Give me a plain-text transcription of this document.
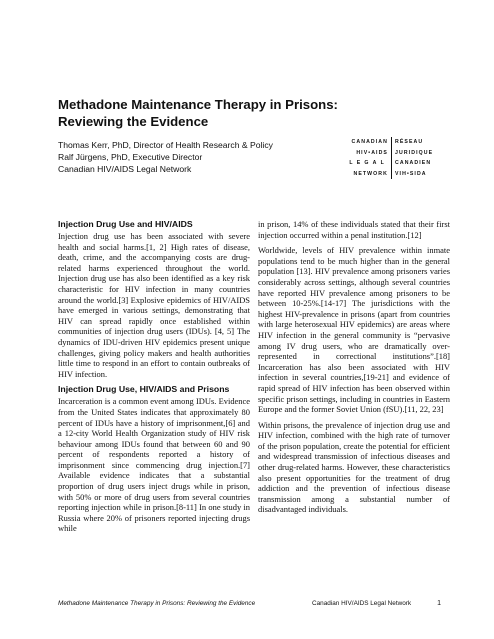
Methadone Maintenance Therapy in Prisons:
Reviewing the Evidence
Thomas Kerr, PhD, Director of Health Research & Policy
Ralf Jürgens, PhD, Executive Director
Canadian HIV/AIDS Legal Network
CANADIAN	RÉSEAU
HIV•AIDS	JURIDIQUE
LEGAL	CANADIEN
NETWORK	VIH•SIDA
Injection Drug Use and HIV/AIDS

Injection drug use has been associated with severe health and social harms.[1, 2] High rates of disease, death, crime, and the accompanying costs are drug-related harms experienced throughout the world. Injection drug use has also been identified as a key risk characteristic for HIV infection in many countries around the world.[3] Explosive epidemics of HIV/AIDS have emerged in various settings, demonstrating that HIV can spread rapidly once established within communities of injection drug users (IDUs). [4, 5] The dynamics of IDU-driven HIV epidemics present unique challenges, giving policy makers and health authorities little time to respond in an effort to contain outbreaks of HIV infection.

Injection Drug Use, HIV/AIDS and Prisons

Incarceration is a common event among IDUs. Evidence from the United States indicates that approximately 80 percent of IDUs have a history of imprisonment,[6] and a 12-city World Health Organization study of HIV risk behaviour among IDUs found that between 60 and 90 percent of respondents reported a history of imprisonment since commencing drug injection.[7] Available evidence indicates that a substantial proportion of drug users inject drugs while in prison, with 50% or more of drug users from several countries reporting injection while in prison.[8-11] In one study in Russia where 20% of prisoners reported injecting drugs while

in prison, 14% of these individuals stated that their first injection occurred within a penal institution.[12]

Worldwide, levels of HIV prevalence within inmate populations tend to be much higher than in the general population [13]. HIV prevalence among prisoners varies considerably across settings, although several countries have reported HIV prevalence among prisoners to be between 10-25%.[14-17] The jurisdictions with the highest HIV-prevalence in prisons (apart from countries with large heterosexual HIV epidemics) are areas where HIV infection in the general community is “pervasive among IV drug users, who are dramatically over-represented in correctional institutions”.[18] Incarceration has also been associated with HIV infection in several countries,[19-21] and evidence of rapid spread of HIV infection has been observed within specific prison settings, including in countries in Eastern Europe and the former Soviet Union (fSU).[11, 22, 23]

Within prisons, the prevalence of injection drug use and HIV infection, combined with the high rate of turnover of the prison population, create the potential for efficient and widespread transmission of infectious diseases and other drug-related harms. However, these characteristics also present opportunities for the treatment of drug addiction and the prevention of infectious disease transmission among a substantial number of disadvantaged individuals.

Methadone Maintenance Therapy in Prisons: Reviewing the Evidence	Canadian HIV/AIDS Legal Network	1
